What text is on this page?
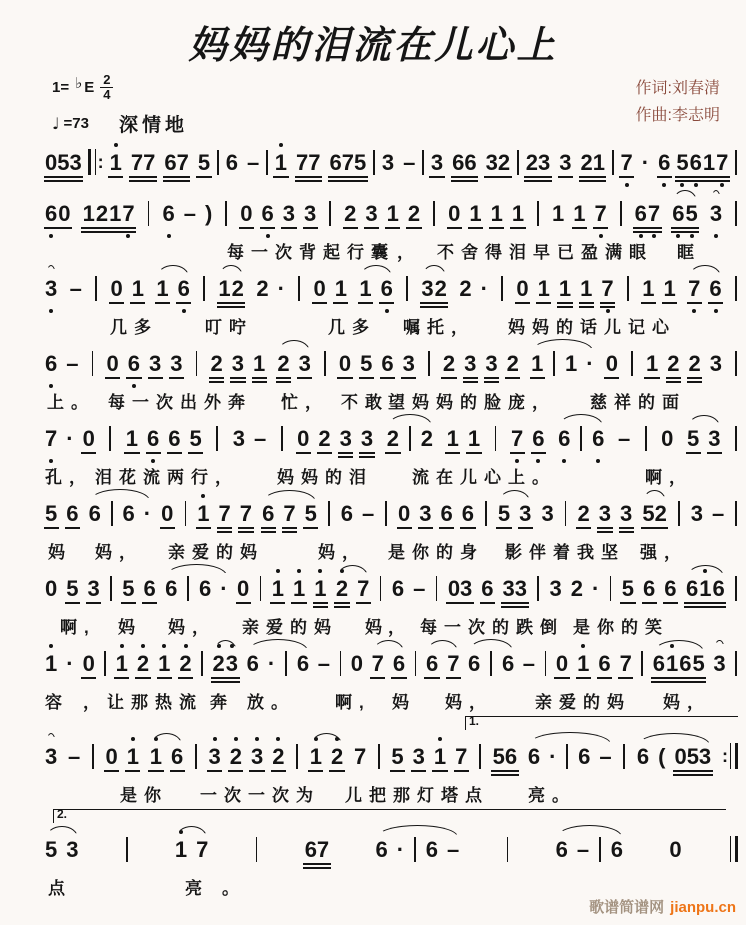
妈妈的泪流在儿心上
1= ♭ E $\frac{2}{4}$
♩ =73 深情地
作词:刘春清
作曲:李志明
053 : 1 77 67 5 6 – 1 77 675 3 – 3 66 32 23 3 21 7 · 6 5 6 1 7
6 0 1 2 1 7 6 – ) 0 6 3 3 2 3 1 2 0 1 1 1 1 1 7 6 7 6 5 3
每一次背起行囊 ， 不舍得泪早已盈满眼 眶
3 – 0 1 1 6 1 2 2 · 0 1 1 6 3 2 2 · 0 1 1 1 7 1 1 7 6
几多	叮咛	几多 嘱托， 妈妈的话儿记心
6 – 0 6 3 3 2 3 1 2 3 0 5 6 3 2 3 3 2 1 1 · 0 1 2 2 3
上。 每一次出外奔 忙， 不敢 望妈妈的脸庞， 慈祥的面
7 · 0 1 6 6 5 3 – 0 2 3 3 2 2 1 1 7 6 6 6 – 0 5 3
孔， 泪花流两行， 妈妈的泪 流在儿心上。	啊，
5 6 6 6 · 0 1 7 7 6 7 5 6 – 0 3 6 6 5 3 3 2 3 3 52 3 –
妈 妈， 亲爱的妈	妈， 是你的身 影伴着我坚 强，
0 5 3 5 6 6 6 · 0 1 1 1 2 7 6 – 03 6 33 3 2 · 5 6 6 6 1 6
啊, 妈 妈， 亲爱的妈 妈 ， 每一次的跌倒 是你的笑
1 · 0 1 2 1 2 2 3 6 · 6 – 0 7 6 6 7 6 6 – 0 1 6 7 6 1 6 5 3
容 ，让那热流 奔 放。 啊, 妈 妈， 亲爱的妈 妈，
1.
3 – 0 1 1 6 3 2 3 2 1 2 7 5 3 1 7 56 6 · 6 – 6 ( 053 :
是你 一次一次为 儿把那灯塔点 亮。
2.
5 3	1 7	67 6 · 6 –	6 – 6 0
点	亮 。
歌谱简谱网 jianpu.cn
